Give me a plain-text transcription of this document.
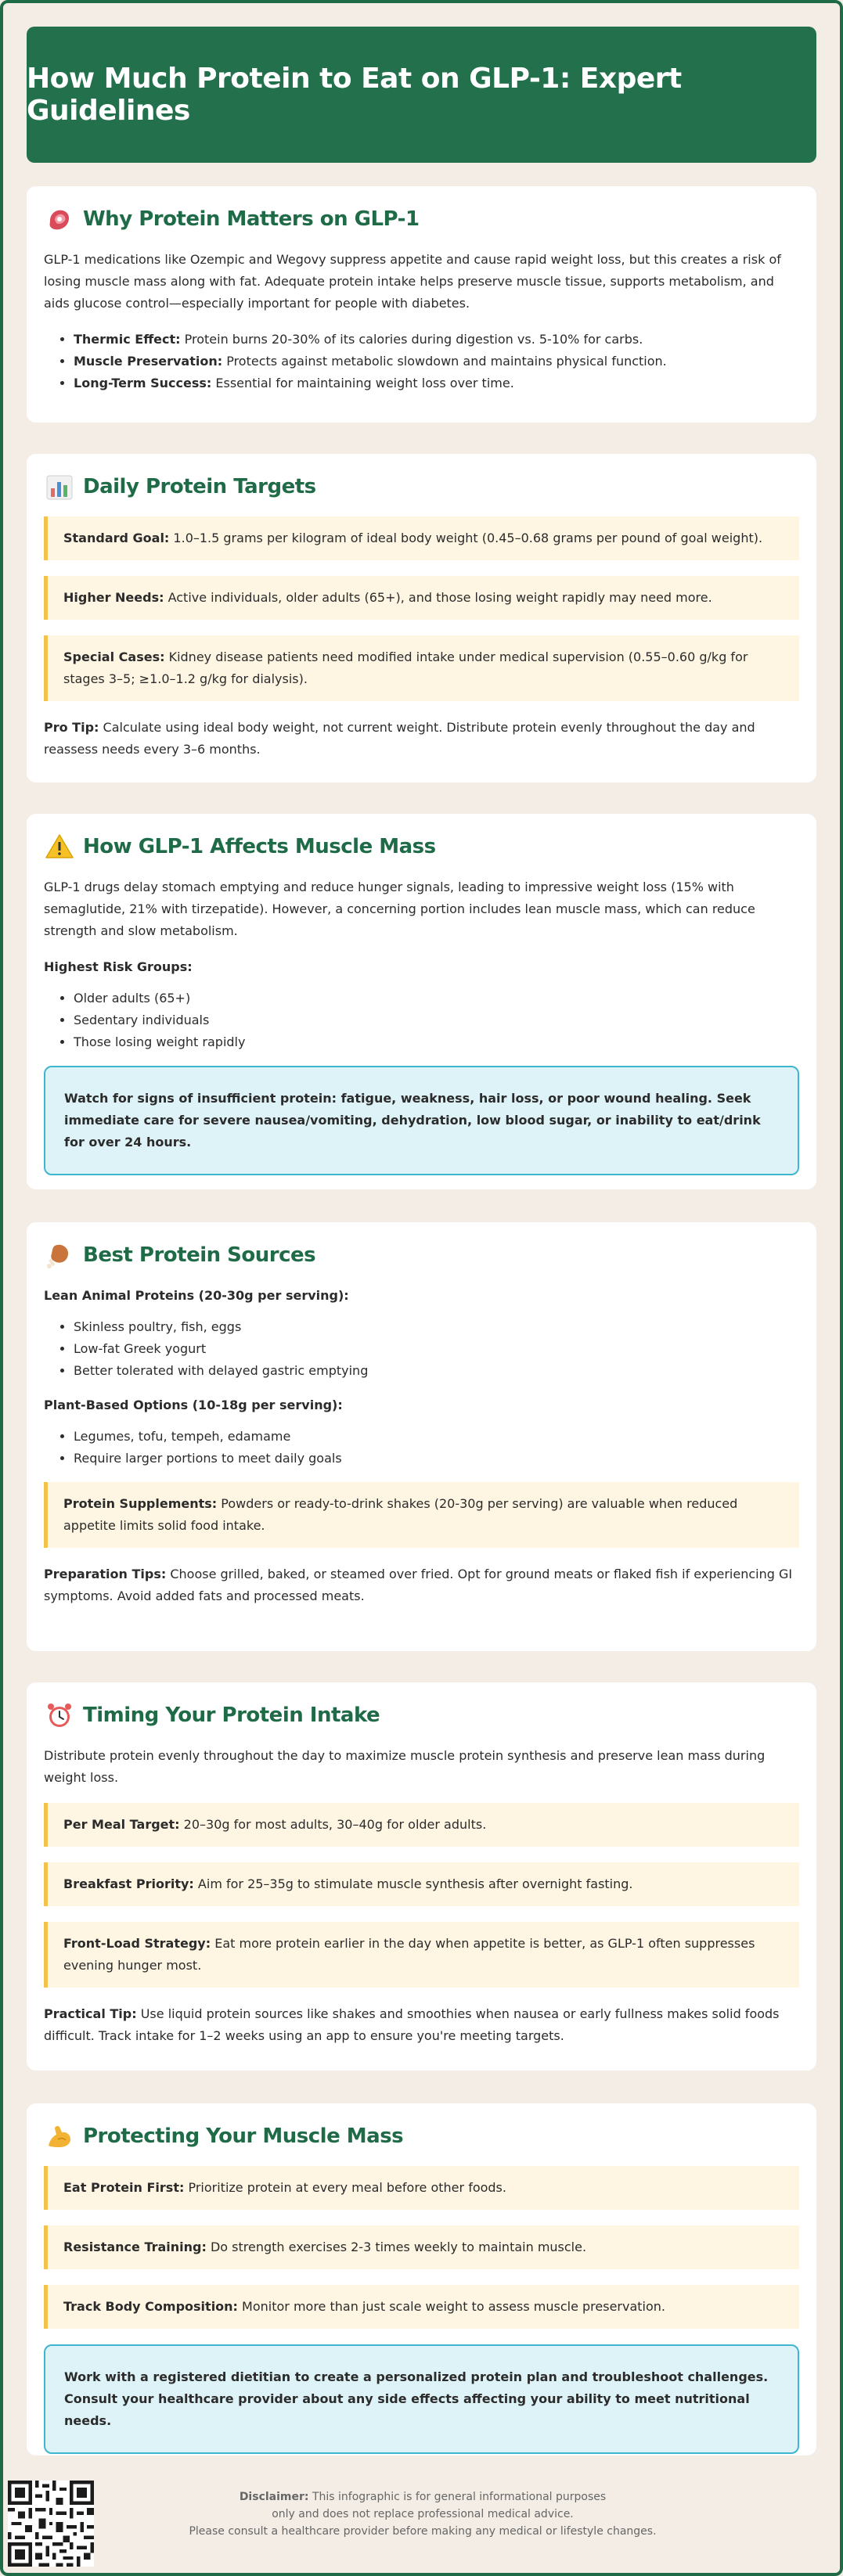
How Much Protein to Eat on GLP-1: Expert Guidelines
Why Protein Matters on GLP-1

GLP-1 medications like Ozempic and Wegovy suppress appetite and cause rapid weight loss, but this creates a risk of losing muscle mass along with fat. Adequate protein intake helps preserve muscle tissue, supports metabolism, and aids glucose control—especially important for people with diabetes.

• Thermic Effect: Protein burns 20-30% of its calories during digestion vs. 5-10% for carbs.
• Muscle Preservation: Protects against metabolic slowdown and maintains physical function.
• Long-Term Success: Essential for maintaining weight loss over time.
Daily Protein Targets
Standard Goal: 1.0–1.5 grams per kilogram of ideal body weight (0.45–0.68 grams per pound of goal weight).
Higher Needs: Active individuals, older adults (65+), and those losing weight rapidly may need more.
Special Cases: Kidney disease patients need modified intake under medical supervision (0.55–0.60 g/kg for stages 3–5; ≥1.0–1.2 g/kg for dialysis).

Pro Tip: Calculate using ideal body weight, not current weight. Distribute protein evenly throughout the day and reassess needs every 3–6 months.

How GLP-1 Affects Muscle Mass

GLP-1 drugs delay stomach emptying and reduce hunger signals, leading to impressive weight loss (15% with semaglutide, 21% with tirzepatide). However, a concerning portion includes lean muscle mass, which can reduce strength and slow metabolism.

Highest Risk Groups:

• Older adults (65+)
• Sedentary individuals
• Those losing weight rapidly
Watch for signs of insufficient protein: fatigue, weakness, hair loss, or poor wound healing. Seek immediate care for severe nausea/vomiting, dehydration, low blood sugar, or inability to eat/drink for over 24 hours.
Best Protein Sources

Lean Animal Proteins (20-30g per serving):

• Skinless poultry, fish, eggs
• Low-fat Greek yogurt
• Better tolerated with delayed gastric emptying

Plant-Based Options (10-18g per serving):

• Legumes, tofu, tempeh, edamame
• Require larger portions to meet daily goals
Protein Supplements: Powders or ready-to-drink shakes (20-30g per serving) are valuable when reduced appetite limits solid food intake.

Preparation Tips: Choose grilled, baked, or steamed over fried. Opt for ground meats or flaked fish if experiencing GI symptoms. Avoid added fats and processed meats.

Timing Your Protein Intake

Distribute protein evenly throughout the day to maximize muscle protein synthesis and preserve lean mass during weight loss.

Per Meal Target: 20–30g for most adults, 30–40g for older adults.
Breakfast Priority: Aim for 25–35g to stimulate muscle synthesis after overnight fasting.
Front-Load Strategy: Eat more protein earlier in the day when appetite is better, as GLP-1 often suppresses evening hunger most.

Practical Tip: Use liquid protein sources like shakes and smoothies when nausea or early fullness makes solid foods difficult. Track intake for 1–2 weeks using an app to ensure you're meeting targets.

Protecting Your Muscle Mass
Eat Protein First: Prioritize protein at every meal before other foods.
Resistance Training: Do strength exercises 2-3 times weekly to maintain muscle.
Track Body Composition: Monitor more than just scale weight to assess muscle preservation.
Work with a registered dietitian to create a personalized protein plan and troubleshoot challenges. Consult your healthcare provider about any side effects affecting your ability to meet nutritional needs.
Disclaimer: This infographic is for general informational purposes
only and does not replace professional medical advice.
Please consult a healthcare provider before making any medical or lifestyle changes.
